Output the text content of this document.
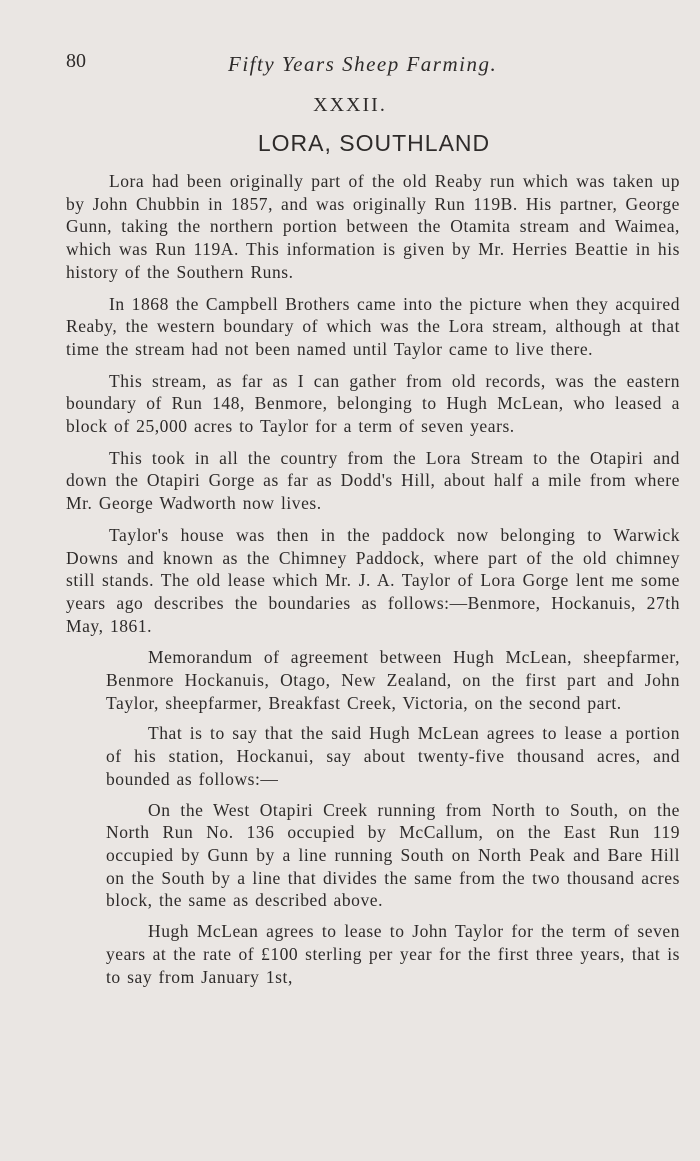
80	Fifty Years Sheep Farming.
XXXII.
LORA, SOUTHLAND

Lora had been originally part of the old Reaby run which was taken up by John Chubbin in 1857, and was originally Run 119B. His partner, George Gunn, taking the northern portion between the Otamita stream and Waimea, which was Run 119A. This information is given by Mr. Herries Beattie in his history of the Southern Runs.

In 1868 the Campbell Brothers came into the picture when they acquired Reaby, the western boundary of which was the Lora stream, although at that time the stream had not been named until Taylor came to live there.

This stream, as far as I can gather from old records, was the eastern boundary of Run 148, Benmore, belonging to Hugh McLean, who leased a block of 25,000 acres to Taylor for a term of seven years.

This took in all the country from the Lora Stream to the Otapiri and down the Otapiri Gorge as far as Dodd's Hill, about half a mile from where Mr. George Wadworth now lives.

Taylor's house was then in the paddock now belonging to Warwick Downs and known as the Chimney Paddock, where part of the old chimney still stands. The old lease which Mr. J. A. Taylor of Lora Gorge lent me some years ago describes the boundaries as follows:—Benmore, Hockanuis, 27th May, 1861.

Memorandum of agreement between Hugh McLean, sheepfarmer, Benmore Hockanuis, Otago, New Zealand, on the first part and John Taylor, sheepfarmer, Breakfast Creek, Victoria, on the second part.

That is to say that the said Hugh McLean agrees to lease a portion of his station, Hockanui, say about twenty-five thousand acres, and bounded as follows:—

On the West Otapiri Creek running from North to South, on the North Run No. 136 occupied by McCallum, on the East Run 119 occupied by Gunn by a line running South on North Peak and Bare Hill on the South by a line that divides the same from the two thousand acres block, the same as described above.

Hugh McLean agrees to lease to John Taylor for the term of seven years at the rate of £100 sterling per year for the first three years, that is to say from January 1st,
